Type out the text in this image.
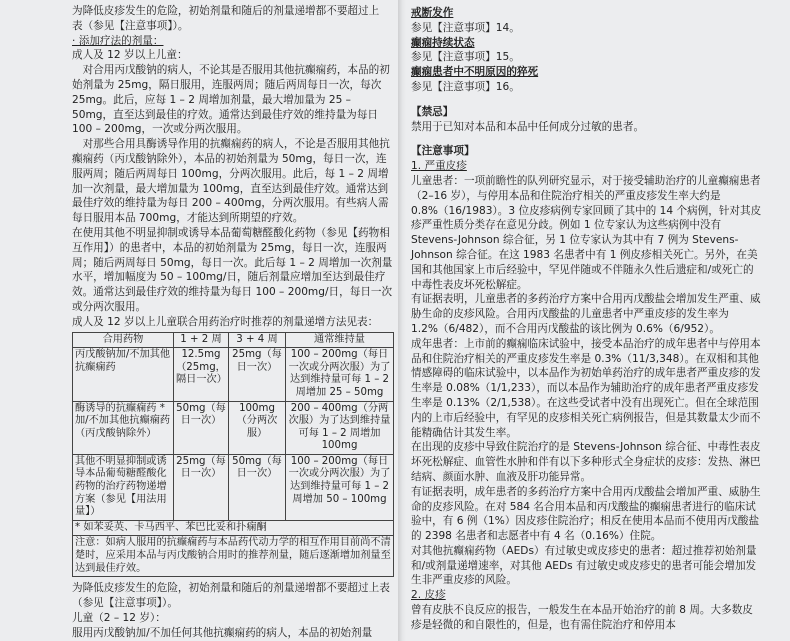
为降低皮疹发生的危险，初始剂量和随后的剂量递增都不要超过上

表（参见【注意事项】）。

· 添加疗法的剂量：

成人及 12 岁以上儿童：

对合用丙戊酸钠的病人，不论其是否服用其他抗癫痫药，本品的初始剂量为 25mg，隔日服用，连服两周；随后两周每日一次，每次 25mg。此后，应每 1 – 2 周增加剂量，最大增加量为 25 – 50mg，直至达到最佳的疗效。通常达到最佳疗效的维持量为每日 100 – 200mg，一次或分两次服用。

对那些合用具酶诱导作用的抗癫痫药的病人，不论是否服用其他抗癫痫药（丙戊酸钠除外），本品的初始剂量为 50mg，每日一次，连服两周；随后两周每日 100mg，分两次服用。此后，每 1 – 2 周增加一次剂量，最大增加量为 100mg，直至达到最佳疗效。通常达到最佳疗效的维持量为每日 200 – 400mg，分两次服用。有些病人需每日服用本品 700mg，才能达到所期望的疗效。

在使用其他不明显抑制或诱导本品葡萄糖醛酸化药物（参见【药物相互作用】）的患者中，本品的初始剂量为 25mg，每日一次，连服两周；随后两周每日 50mg，每日一次。此后每 1 – 2 周增加一次剂量水平，增加幅度为 50 – 100mg/日，随后剂量应增加至达到最佳疗效。通常达到最佳疗效的维持量为每日 100 – 200mg/日，每日一次或分两次服用。

成人及 12 岁以上儿童联合用药治疗时推荐的剂量递增方法见表：

合用药物	1 + 2 周	3 + 4 周	通常维持量
丙戊酸钠加/不加其他抗癫痫药	12.5mg（25mg，隔日一次）	25mg（每日一次）	100 – 200mg（每日一次或分两次服）为了达到维持量可每 1 – 2 周增加 25 – 50mg
酶诱导的抗癫痫药 * 加/不加其他抗癫痫药（丙戊酸钠除外）	50mg（每日一次）	100mg（分两次服）	200 – 400mg（分两次服）为了达到维持量可每 1 – 2 周增加 100mg
其他不明显抑制或诱导本品葡萄糖醛酸化药物的治疗药物递增方案（参见【用法用量】）	25mg（每日一次）	50mg（每日一次）	100 – 200mg（每日一次或分两次服）为了达到维持量可每 1 – 2 周增加 50 – 100mg
* 如苯妥英、卡马西平、苯巴比妥和扑痫酮			
注意：如病人服用的抗癫痫药与本品药代动力学的相互作用目前尚不清楚时，应采用本品与丙戊酸钠合用时的推荐剂量，随后逐渐增加剂量至达到最佳疗效。			

为降低皮疹发生的危险，初始剂量和随后的剂量递增都不要超过上表（参见【注意事项】）。

儿童（2 – 12 岁）：

服用丙戊酸钠加/不加任何其他抗癫痫药的病人，本品的初始剂量

戒断发作

参见【注意事项】14。

癫痫持续状态

参见【注意事项】15。

癫痫患者中不明原因的猝死

参见【注意事项】16。

【禁忌】

禁用于已知对本品和本品中任何成分过敏的患者。

【注意事项】

1. 严重皮疹

儿童患者：一项前瞻性的队列研究显示，对于接受辅助治疗的儿童癫痫患者（2–16 岁），与停用本品和住院治疗相关的严重皮疹发生率大约是 0.8%（16/1983）。3 位皮疹病例专家回顾了其中的 14 个病例，针对其皮疹严重性质分类存在意见分歧。例如 1 位专家认为这些病例中没有 Stevens-Johnson 综合征，另 1 位专家认为其中有 7 例为 Stevens-Johnson 综合征。在这 1983 名患者中有 1 例皮疹相关死亡。另外，在美国和其他国家上市后经验中，罕见伴随或不伴随永久性后遗症和/或死亡的中毒性表皮坏死松解症。

有证据表明，儿童患者的多药治疗方案中合用丙戊酸盐会增加发生严重、威胁生命的皮疹风险。合用丙戊酸盐的儿童患者中严重皮疹的发生率为 1.2%（6/482），而不合用丙戊酸盐的该比例为 0.6%（6/952）。

成年患者：上市前的癫痫临床试验中，接受本品治疗的成年患者中与停用本品和住院治疗相关的严重皮疹发生率是 0.3%（11/3,348）。在双相和其他情感障碍的临床试验中，以本品作为初始单药治疗的成年患者严重皮疹的发生率是 0.08%（1/1,233），而以本品作为辅助治疗的成年患者严重皮疹发生率是 0.13%（2/1,538）。在这些受试者中没有出现死亡。但在全球范围内的上市后经验中，有罕见的皮疹相关死亡病例报告，但是其数量太少而不能精确估计其发生率。

在出现的皮疹中导致住院治疗的是 Stevens-Johnson 综合征、中毒性表皮坏死松解症、血管性水肿和伴有以下多种形式全身症状的皮疹：发热、淋巴结病、颜面水肿、血液及肝功能异常。

有证据表明，成年患者的多药治疗方案中合用丙戊酸盐会增加严重、威胁生命的皮疹风险。在对 584 名合用本品和丙戊酸盐的癫痫患者进行的临床试验中，有 6 例（1%）因皮疹住院治疗；相反在使用本品而不使用丙戊酸盐的 2398 名患者和志愿者中有 4 名（0.16%）住院。

对其他抗癫痫药物（AEDs）有过敏史或皮疹史的患者：超过推荐初始剂量和/或剂量递增速率，对其他 AEDs 有过敏史或皮疹史的患者可能会增加发生非严重皮疹的风险。

2. 皮疹

曾有皮肤不良反应的报告，一般发生在本品开始治疗的前 8 周。大多数皮疹是轻微的和自限性的，但是，也有需住院治疗和停用本
